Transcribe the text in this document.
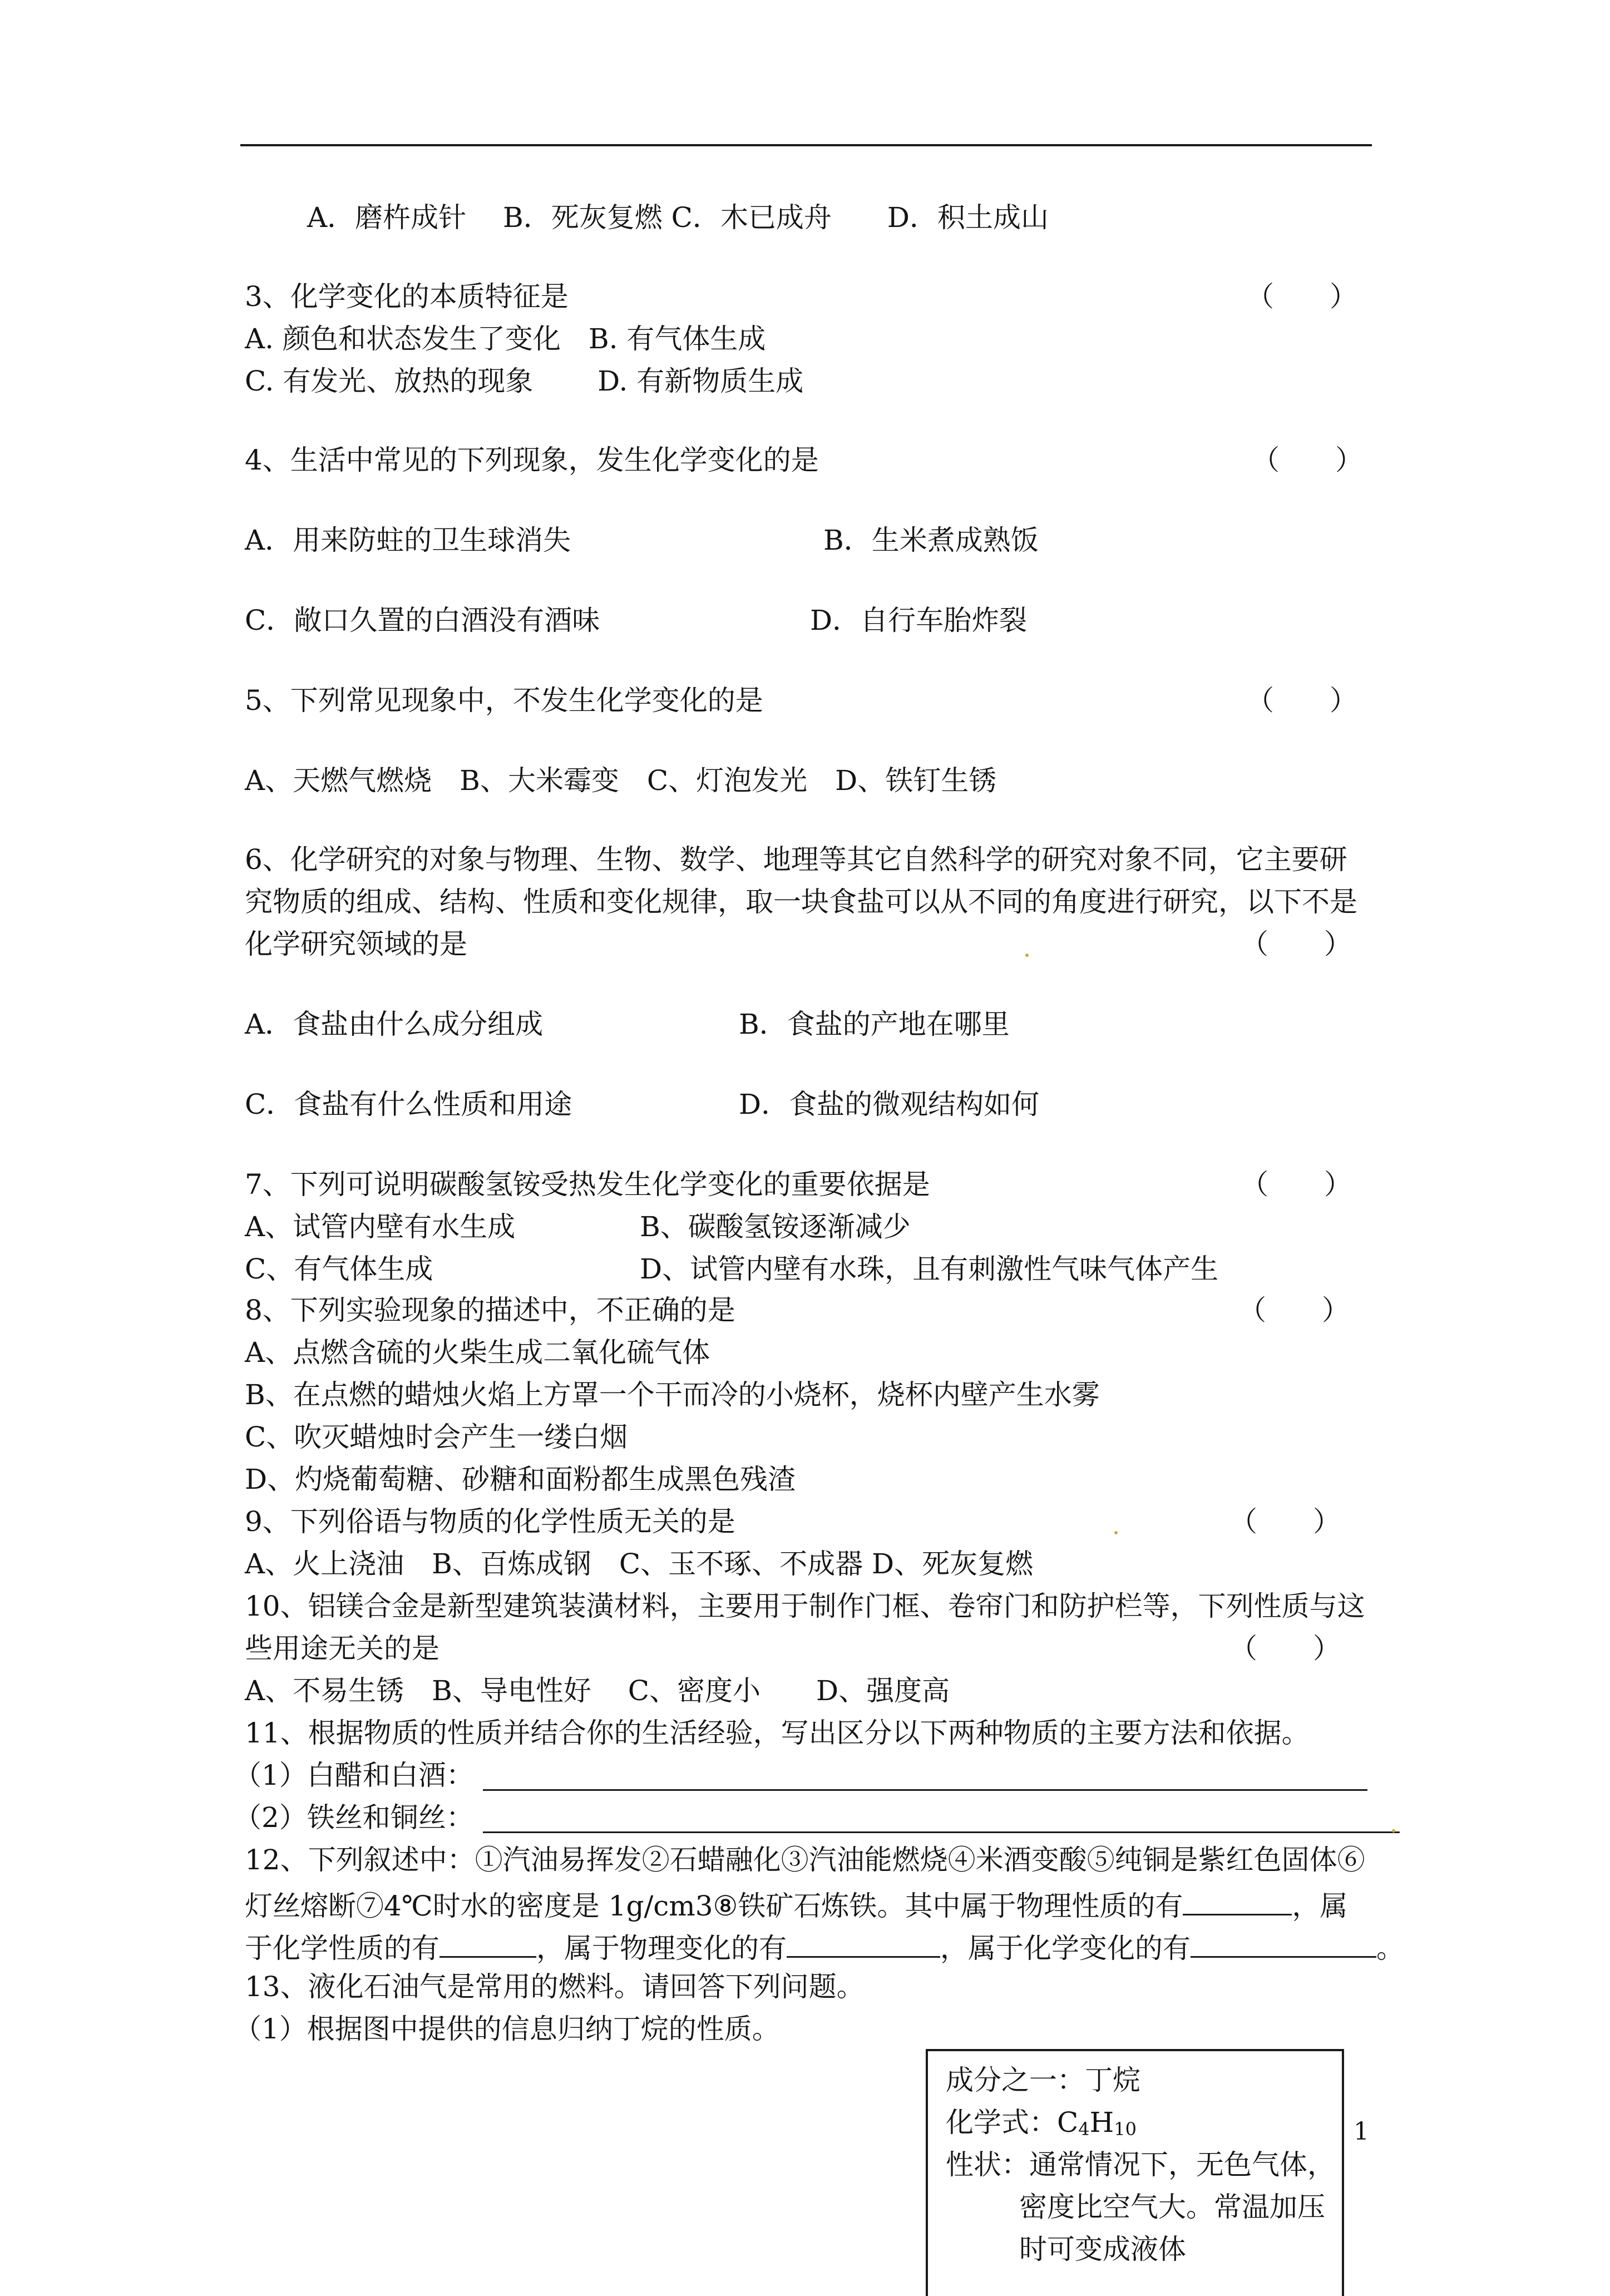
A．磨杵成针　 B．死灰复燃 C．木已成舟　　D．积土成山
3、化学变化的本质特征是	（　　）
A. 颜色和状态发生了变化　B. 有气体生成
C. 有发光、放热的现象　　 D. 有新物质生成
4、生活中常见的下列现象，发生化学变化的是	（　　）
A．用来防蛀的卫生球消失	B．生米煮成熟饭
C．敞口久置的白酒没有酒味	D．自行车胎炸裂
5、下列常见现象中，不发生化学变化的是	（　　）
A、天燃气燃烧　B、大米霉变　C、灯泡发光　D、铁钉生锈
6、化学研究的对象与物理、生物、数学、地理等其它自然科学的研究对象不同，它主要研
究物质的组成、结构、性质和变化规律，取一块食盐可以从不同的角度进行研究，以下不是
化学研究领域的是	（　　）
A．食盐由什么成分组成	B．食盐的产地在哪里
C．食盐有什么性质和用途	D．食盐的微观结构如何
7、下列可说明碳酸氢铵受热发生化学变化的重要依据是	（　　）
A、试管内壁有水生成	B、碳酸氢铵逐渐减少
C、有气体生成	D、试管内壁有水珠，且有刺激性气味气体产生
8、下列实验现象的描述中，不正确的是	（　　）
A、点燃含硫的火柴生成二氧化硫气体
B、在点燃的蜡烛火焰上方罩一个干而冷的小烧杯，烧杯内壁产生水雾
C、吹灭蜡烛时会产生一缕白烟
D、灼烧葡萄糖、砂糖和面粉都生成黑色残渣
9、下列俗语与物质的化学性质无关的是	（　　）
A、火上浇油　B、百炼成钢　C、玉不琢、不成器 D、死灰复燃
10、铝镁合金是新型建筑装潢材料，主要用于制作门框、卷帘门和防护栏等，下列性质与这
些用途无关的是	（　　）
A、不易生锈　B、导电性好　 C、密度小　　D、强度高
11、根据物质的性质并结合你的生活经验，写出区分以下两种物质的主要方法和依据。
（1）白醋和白酒：
（2）铁丝和铜丝：
12、下列叙述中：①汽油易挥发②石蜡融化③汽油能燃烧④米酒变酸⑤纯铜是紫红色固体⑥
灯丝熔断⑦4℃时水的密度是 1g/cm3⑧铁矿石炼铁。其中属于物理性质的有	，属
于化学性质的有	，属于物理变化的有	，属于化学变化的有	。
13、液化石油气是常用的燃料。请回答下列问题。
（1）根据图中提供的信息归纳丁烷的性质。
成分之一：丁烷
化学式：$C_4H_{10}$
性状：通常情况下，无色气体，
密度比空气大。常温加压
时可变成液体
1
